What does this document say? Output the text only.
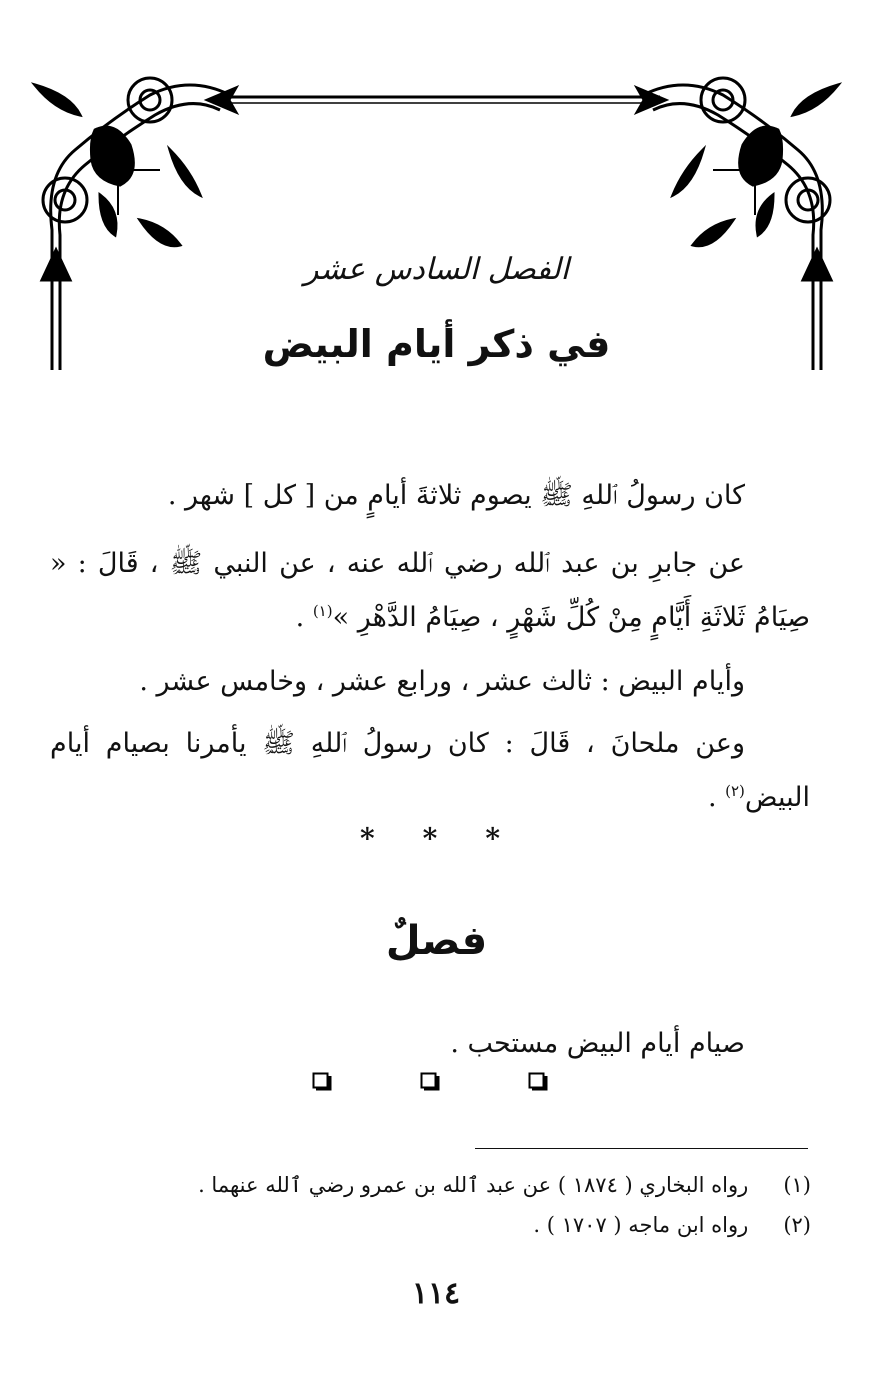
الفصل السادس عشر
في ذكر أيام البيض

كان رسولُ ٱللهِ ﷺ يصوم ثلاثةَ أيامٍ من [ كل ] شهر .

عن جابرِ بن عبد ٱلله رضي ٱلله عنه ، عن النبي ﷺ ، قَالَ : « صِيَامُ ثَلاثَةِ أَيَّامٍ مِنْ كُلِّ شَهْرٍ ، صِيَامُ الدَّهْرِ »$^{(١)}$ .

وأيام البيض : ثالث عشر ، ورابع عشر ، وخامس عشر .

وعن ملحانَ ، قَالَ : كان رسولُ ٱللهِ ﷺ يأمرنا بصيام أيام البيض$^{(٢)}$ .

* * *
فصلٌ

صيام أيام البيض مستحب .

(١) رواه البخاري ( ١٨٧٤ ) عن عبد ٱلله بن عمرو رضي ٱلله عنهما .
(٢) رواه ابن ماجه ( ١٧٠٧ ) .
١١٤
